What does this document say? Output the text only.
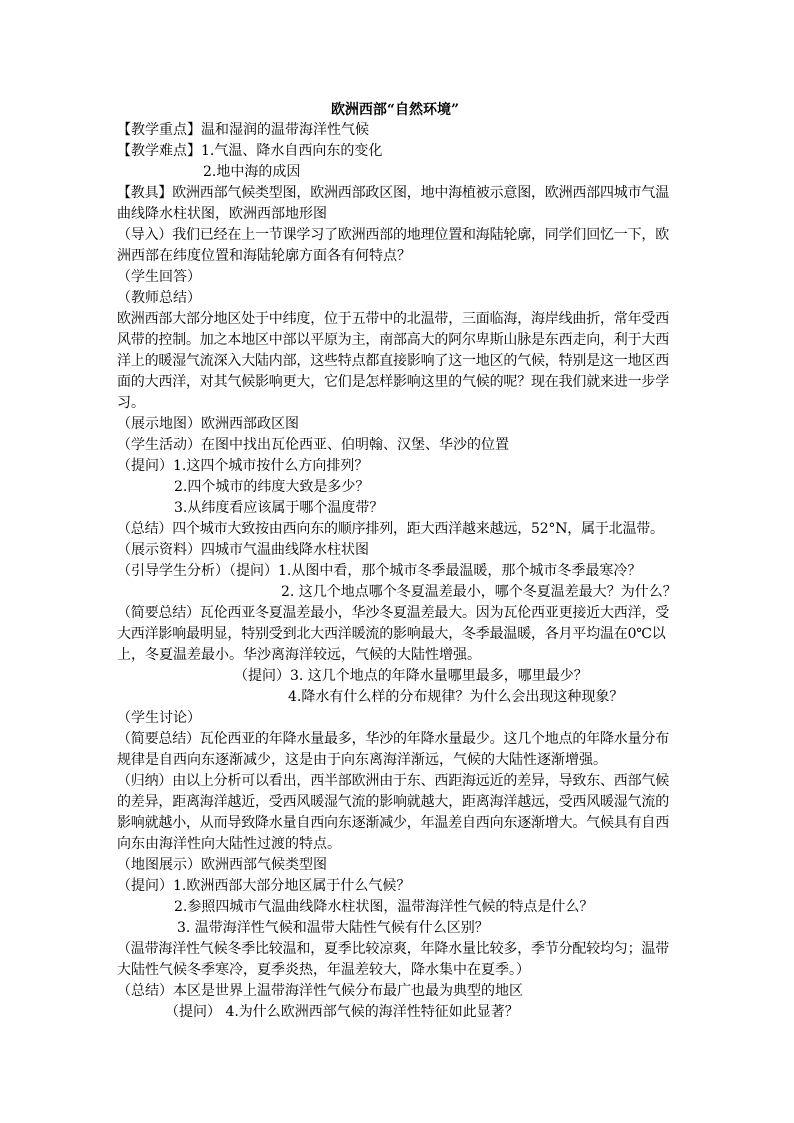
欧洲西部“自然环境”
【教学重点】温和湿润的温带海洋性气候
【教学难点】1.气温、降水自西向东的变化
2.地中海的成因
【教具】欧洲西部气候类型图，欧洲西部政区图，地中海植被示意图，欧洲西部四城市气温
曲线降水柱状图，欧洲西部地形图
（导入）我们已经在上一节课学习了欧洲西部的地理位置和海陆轮廓，同学们回忆一下，欧
洲西部在纬度位置和海陆轮廓方面各有何特点？
（学生回答）
（教师总结）
欧洲西部大部分地区处于中纬度，位于五带中的北温带，三面临海，海岸线曲折，常年受西
风带的控制。加之本地区中部以平原为主，南部高大的阿尔卑斯山脉是东西走向，利于大西
洋上的暖湿气流深入大陆内部，这些特点都直接影响了这一地区的气候，特别是这一地区西
面的大西洋，对其气候影响更大，它们是怎样影响这里的气候的呢？现在我们就来进一步学
习。
（展示地图）欧洲西部政区图
（学生活动）在图中找出瓦伦西亚、伯明翰、汉堡、华沙的位置
（提问）1.这四个城市按什么方向排列？
2.四个城市的纬度大致是多少？
3.从纬度看应该属于哪个温度带？
（总结）四个城市大致按由西向东的顺序排列，距大西洋越来越远，52°N，属于北温带。
（展示资料）四城市气温曲线降水柱状图
（引导学生分析）（提问）1.从图中看，那个城市冬季最温暖，那个城市冬季最寒冷？
2. 这几个地点哪个冬夏温差最小，哪个冬夏温差最大？为什么？
（简要总结）瓦伦西亚冬夏温差最小，华沙冬夏温差最大。因为瓦伦西亚更接近大西洋，受
大西洋影响最明显，特别受到北大西洋暖流的影响最大，冬季最温暖，各月平均温在0℃以
上，冬夏温差最小。华沙离海洋较远，气候的大陆性增强。
（提问）3. 这几个地点的年降水量哪里最多，哪里最少？
4.降水有什么样的分布规律？为什么会出现这种现象？
（学生讨论）
（简要总结）瓦伦西亚的年降水量最多，华沙的年降水量最少。这几个地点的年降水量分布
规律是自西向东逐渐减少，这是由于向东离海洋渐远，气候的大陆性逐渐增强。
（归纳）由以上分析可以看出，西半部欧洲由于东、西距海远近的差异，导致东、西部气候
的差异，距离海洋越近，受西风暖湿气流的影响就越大，距离海洋越远，受西风暖湿气流的
影响就越小，从而导致降水量自西向东逐渐减少，年温差自西向东逐渐增大。气候具有自西
向东由海洋性向大陆性过渡的特点。
（地图展示）欧洲西部气候类型图
（提问）1.欧洲西部大部分地区属于什么气候？
2.参照四城市气温曲线降水柱状图，温带海洋性气候的特点是什么？
3. 温带海洋性气候和温带大陆性气候有什么区别？
（温带海洋性气候冬季比较温和，夏季比较凉爽，年降水量比较多，季节分配较均匀；温带
大陆性气候冬季寒冷，夏季炎热，年温差较大，降水集中在夏季。）
（总结）本区是世界上温带海洋性气候分布最广也最为典型的地区
（提问） 4.为什么欧洲西部气候的海洋性特征如此显著？
